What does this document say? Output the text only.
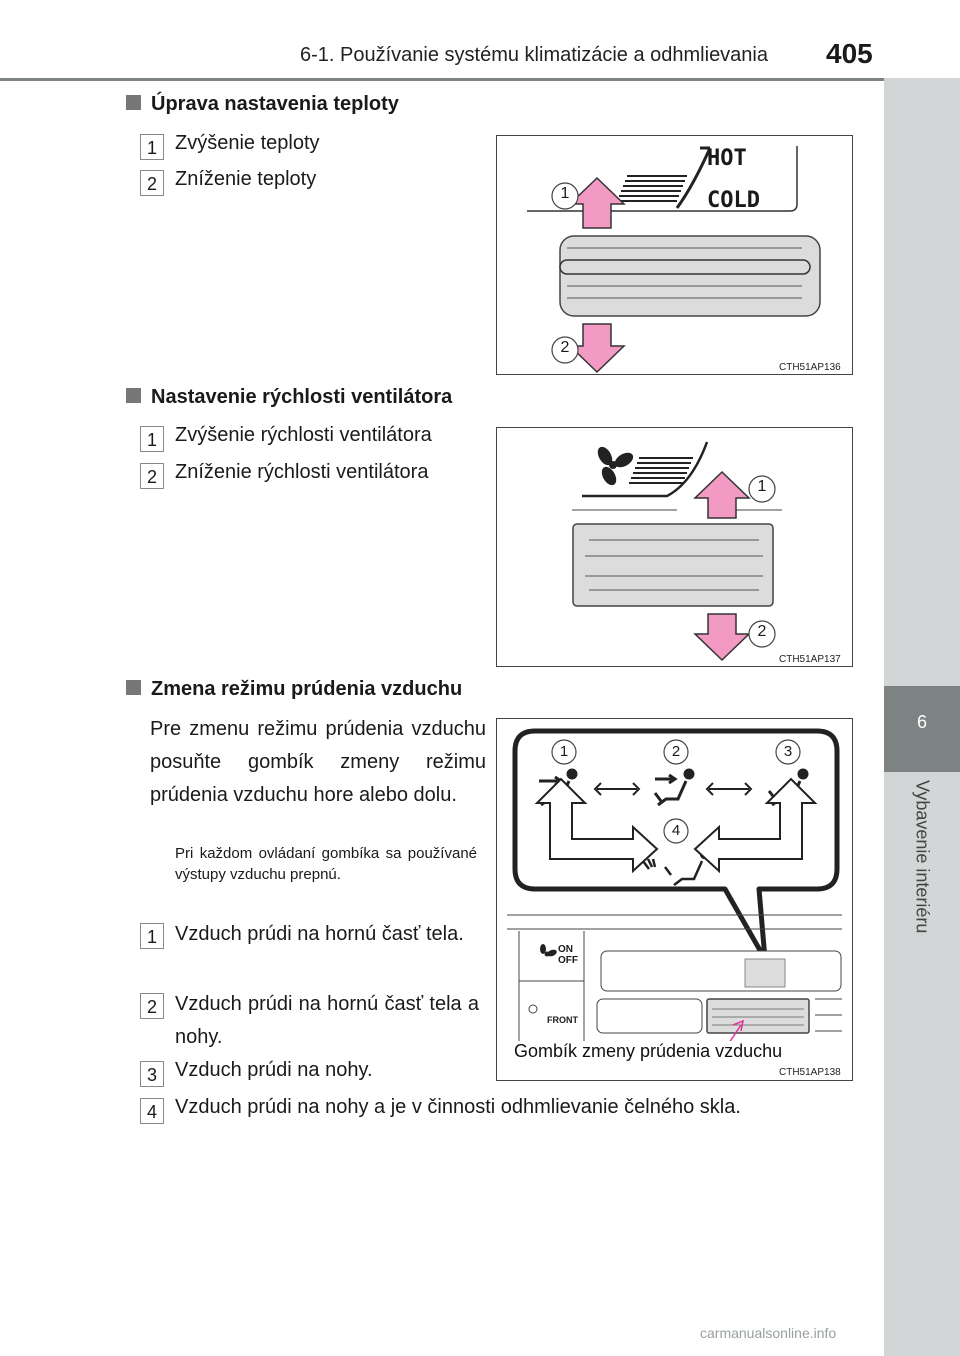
6-1. Používanie systému klimatizácie a odhmlievania 405
6
Vybavenie interiéru
Úprava nastavenia teploty
1 Zvýšenie teploty
2 Zníženie teploty
HOT
COLD
1
2
CTH51AP136
Nastavenie rýchlosti ventilátora
1 Zvýšenie rýchlosti ventilátora
2 Zníženie rýchlosti ventilátora
1
2
CTH51AP137
Zmena režimu prúdenia vzduchu
Pre zmenu režimu prúdenia vzduchu posuňte gombík zmeny režimu prúdenia vzduchu hore alebo dolu.
Pri každom ovládaní gombíka sa používané výstupy vzduchu prepnú.
1 Vzduch prúdi na hornú časť tela.
2 Vzduch prúdi na hornú časť tela a nohy.
3 Vzduch prúdi na nohy.
4 Vzduch prúdi na nohy a je v činnosti odhmlievanie čelného skla.
1	2	3
4
ON
OFF
FRONT
Gombík zmeny prúdenia vzduchu
CTH51AP138
carmanualsonline.info
